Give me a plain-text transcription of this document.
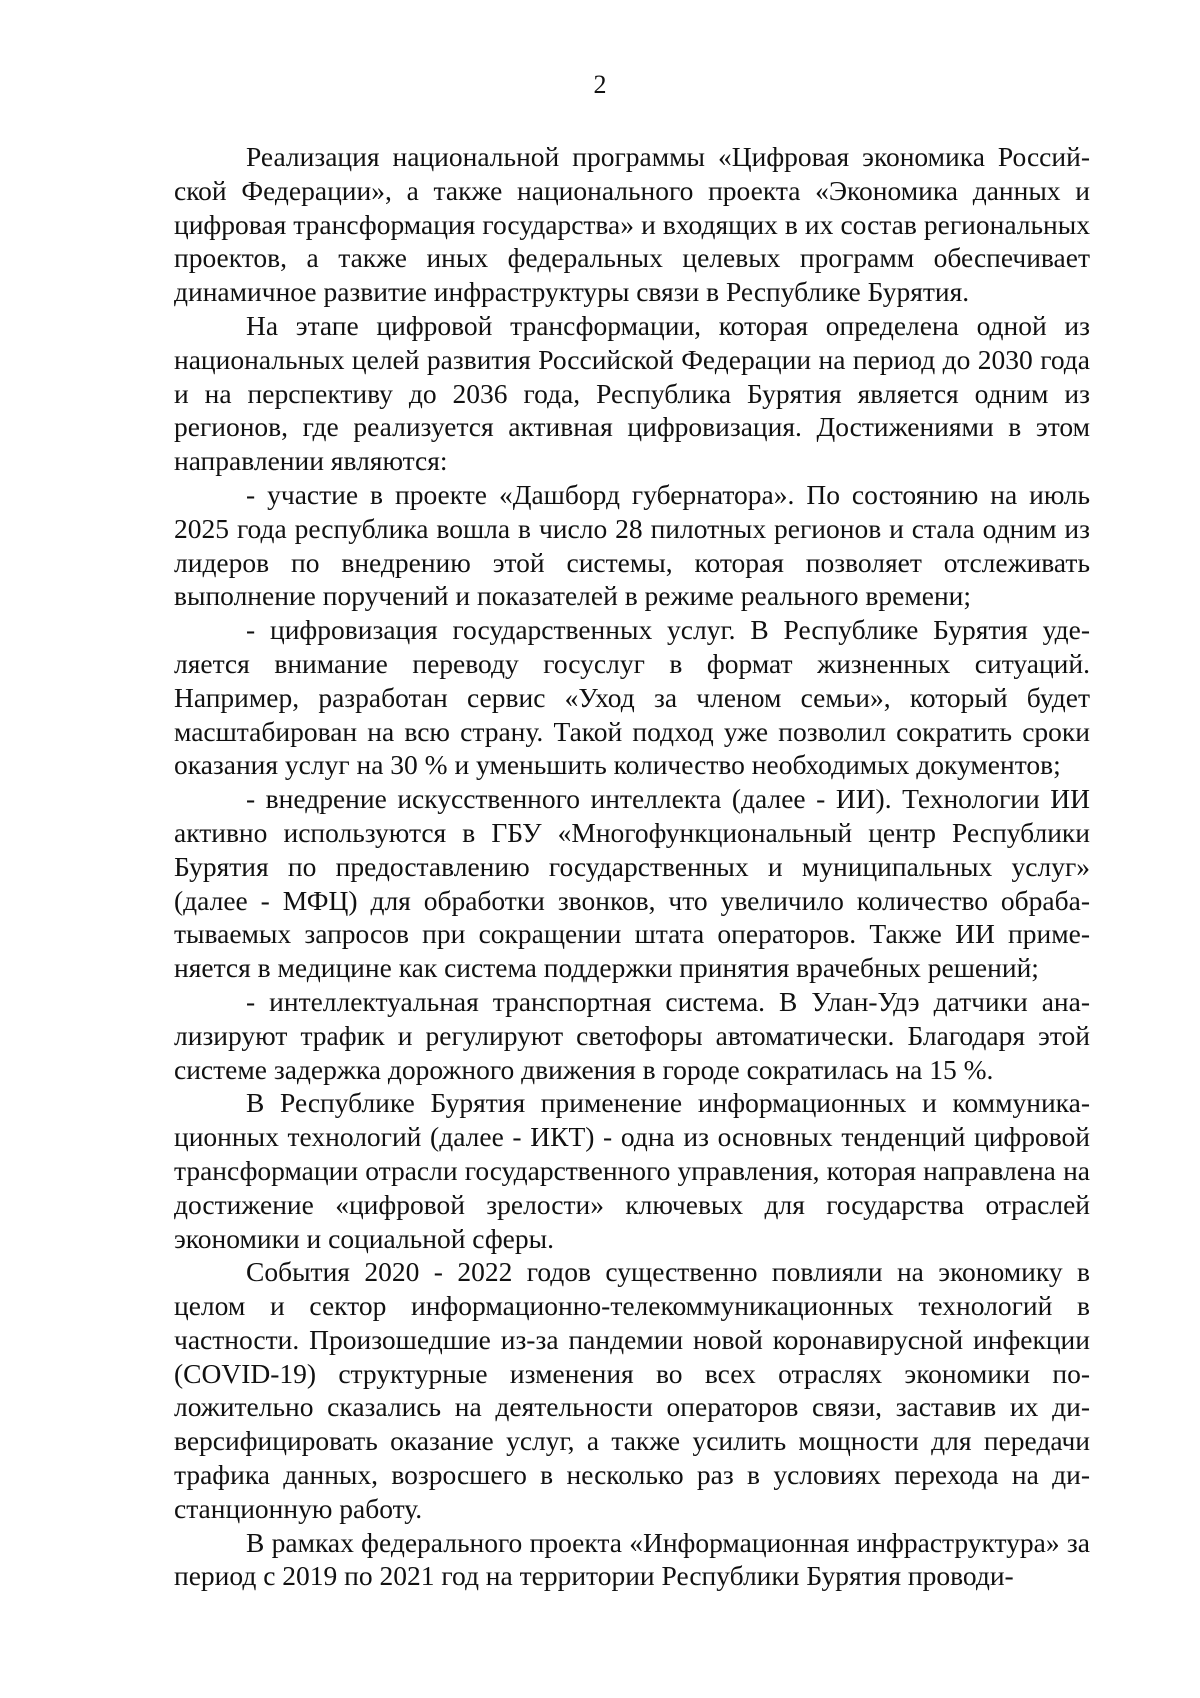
2

Реализация национальной программы «Цифровая экономика Российской Федерации», а также национального проекта «Экономика данных и цифровая трансформация государства» и входящих в их состав региональных проектов, а также иных федеральных целевых программ обеспечивает динамичное развитие инфраструктуры связи в Республике Бурятия.

На этапе цифровой трансформации, которая определена одной из национальных целей развития Российской Федерации на период до 2030 года и на перспективу до 2036 года, Республика Бурятия является одним из регионов, где реализуется активная цифровизация. Достижениями в этом направлении являются:

- участие в проекте «Дашборд губернатора». По состоянию на июль 2025 года республика вошла в число 28 пилотных регионов и стала одним из лидеров по внедрению этой системы, которая позволяет отслеживать выполнение поручений и показателей в режиме реального времени;

- цифровизация государственных услуг. В Республике Бурятия уделяется внимание переводу госуслуг в формат жизненных ситуаций. Например, разработан сервис «Уход за членом семьи», который будет масштабирован на всю страну. Такой подход уже позволил сократить сроки оказания услуг на 30 % и уменьшить количество необходимых документов;

- внедрение искусственного интеллекта (далее - ИИ). Технологии ИИ активно используются в ГБУ «Многофункциональный центр Республики Бурятия по предоставлению государственных и муниципальных услуг» (далее - МФЦ) для обработки звонков, что увеличило количество обрабатываемых запросов при сокращении штата операторов. Также ИИ применяется в медицине как система поддержки принятия врачебных решений;

- интеллектуальная транспортная система. В Улан-Удэ датчики анализируют трафик и регулируют светофоры автоматически. Благодаря этой системе задержка дорожного движения в городе сократилась на 15 %.

В Республике Бурятия применение информационных и коммуникационных технологий (далее - ИКТ) - одна из основных тенденций цифровой трансформации отрасли государственного управления, которая направлена на достижение «цифровой зрелости» ключевых для государства отраслей экономики и социальной сферы.

События 2020 - 2022 годов существенно повлияли на экономику в целом и сектор информационно-телекоммуникационных технологий в частности. Произошедшие из-за пандемии новой коронавирусной инфекции (COVID-19) структурные изменения во всех отраслях экономики положительно сказались на деятельности операторов связи, заставив их диверсифицировать оказание услуг, а также усилить мощности для передачи трафика данных, возросшего в несколько раз в условиях перехода на дистанционную работу.

В рамках федерального проекта «Информационная инфраструктура» за период с 2019 по 2021 год на территории Республики Бурятия проводи-
